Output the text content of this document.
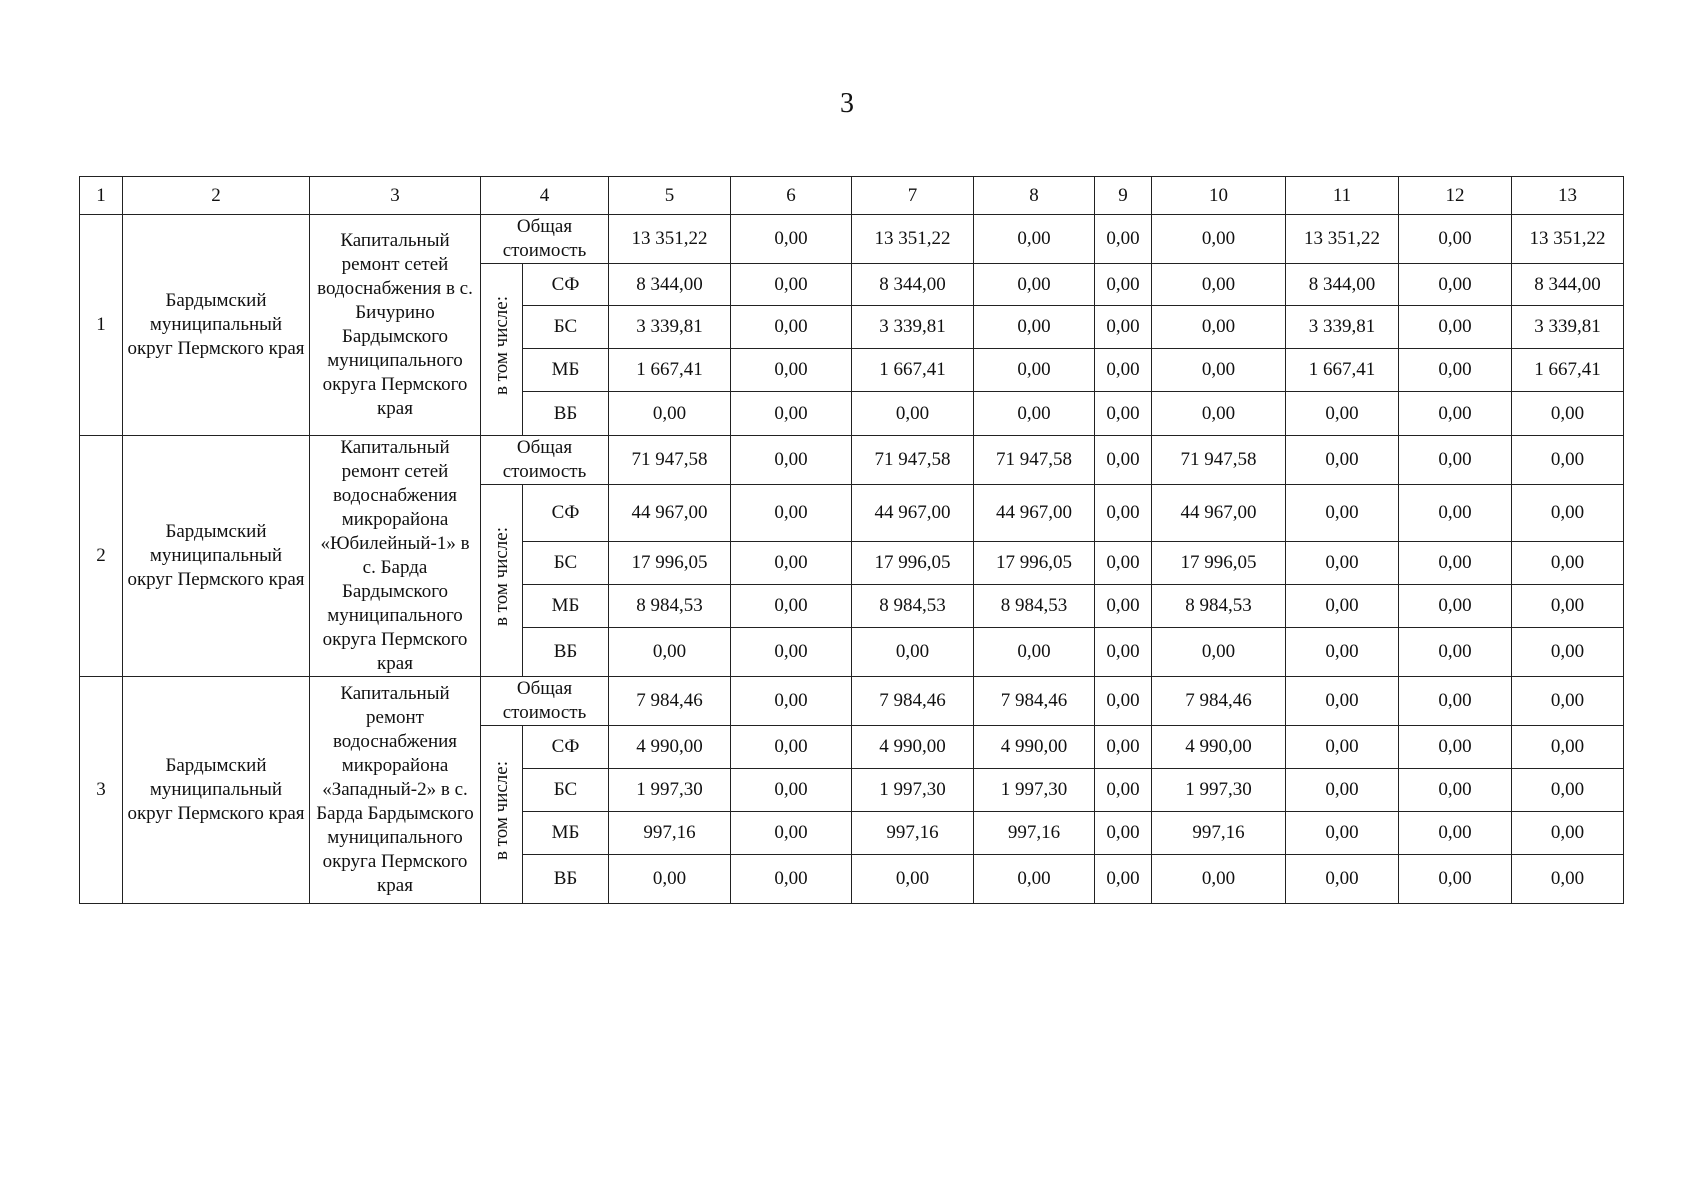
3
1	2	3	4		5	6	7	8	9	10	11	12	13
1	Бардымский муниципальный округ Пермского края	Капитальный ремонт сетей водоснабжения в с. Бичурино Бардымского муниципального округа Пермского края	Общая стоимость		13 351,22	0,00	13 351,22	0,00	0,00	0,00	13 351,22	0,00	13 351,22
			в том числе:	СФ	8 344,00	0,00	8 344,00	0,00	0,00	0,00	8 344,00	0,00	8 344,00
				БС	3 339,81	0,00	3 339,81	0,00	0,00	0,00	3 339,81	0,00	3 339,81
				МБ	1 667,41	0,00	1 667,41	0,00	0,00	0,00	1 667,41	0,00	1 667,41
				ВБ	0,00	0,00	0,00	0,00	0,00	0,00	0,00	0,00	0,00
2	Бардымский муниципальный округ Пермского края	Капитальный ремонт сетей водоснабжения микрорайона «Юбилейный-1» в с. Барда Бардымского муниципального округа Пермского края	Общая стоимость		71 947,58	0,00	71 947,58	71 947,58	0,00	71 947,58	0,00	0,00	0,00
			в том числе:	СФ	44 967,00	0,00	44 967,00	44 967,00	0,00	44 967,00	0,00	0,00	0,00
				БС	17 996,05	0,00	17 996,05	17 996,05	0,00	17 996,05	0,00	0,00	0,00
				МБ	8 984,53	0,00	8 984,53	8 984,53	0,00	8 984,53	0,00	0,00	0,00
				ВБ	0,00	0,00	0,00	0,00	0,00	0,00	0,00	0,00	0,00
3	Бардымский муниципальный округ Пермского края	Капитальный ремонт водоснабжения микрорайона «Западный-2» в с. Барда Бардымского муниципального округа Пермского края	Общая стоимость		7 984,46	0,00	7 984,46	7 984,46	0,00	7 984,46	0,00	0,00	0,00
			в том числе:	СФ	4 990,00	0,00	4 990,00	4 990,00	0,00	4 990,00	0,00	0,00	0,00
				БС	1 997,30	0,00	1 997,30	1 997,30	0,00	1 997,30	0,00	0,00	0,00
				МБ	997,16	0,00	997,16	997,16	0,00	997,16	0,00	0,00	0,00
				ВБ	0,00	0,00	0,00	0,00	0,00	0,00	0,00	0,00	0,00
